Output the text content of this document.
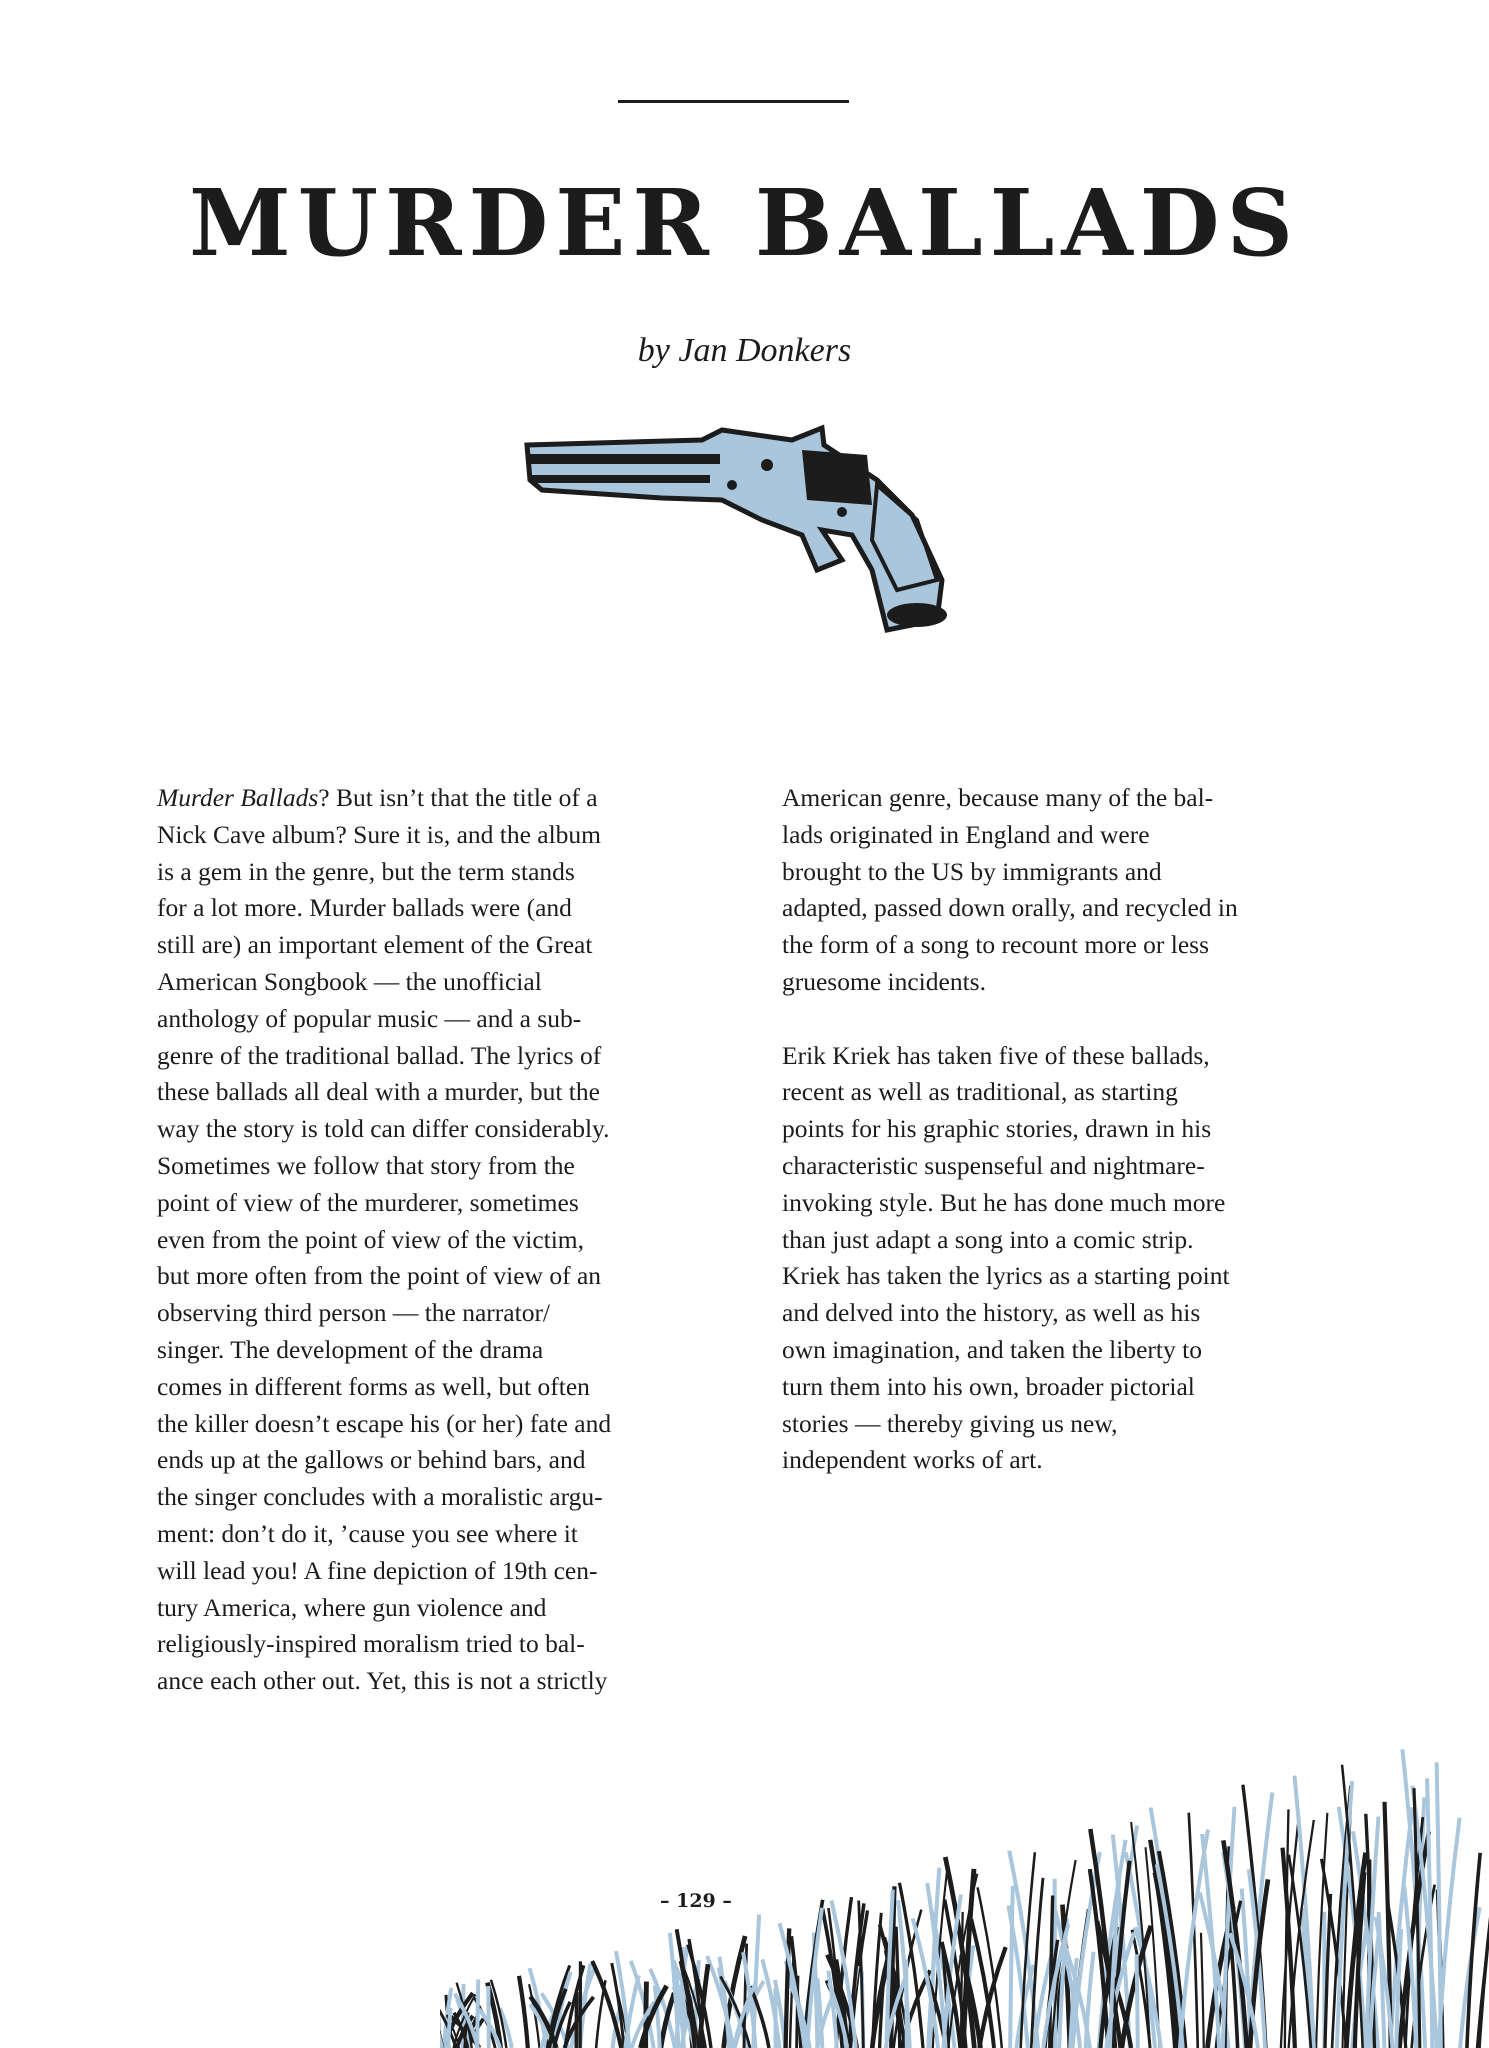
MURDER BALLADS
by Jan Donkers
Murder Ballads? But isn’t that the title of a
Nick Cave album? Sure it is, and the album
is a gem in the genre, but the term stands
for a lot more. Murder ballads were (and
still are) an important element of the Great
American Songbook — the unofficial
anthology of popular music — and a sub-
genre of the traditional ballad. The lyrics of
these ballads all deal with a murder, but the
way the story is told can differ considerably.
Sometimes we follow that story from the
point of view of the murderer, sometimes
even from the point of view of the victim,
but more often from the point of view of an
observing third person — the narrator/
singer. The development of the drama
comes in different forms as well, but often
the killer doesn’t escape his (or her) fate and
ends up at the gallows or behind bars, and
the singer concludes with a moralistic argu-
ment: don’t do it, ’cause you see where it
will lead you! A fine depiction of 19th cen-
tury America, where gun violence and
religiously-inspired moralism tried to bal-
ance each other out. Yet, this is not a strictly
American genre, because many of the bal-
lads originated in England and were
brought to the US by immigrants and
adapted, passed down orally, and recycled in
the form of a song to recount more or less
gruesome incidents.
Erik Kriek has taken five of these ballads,
recent as well as traditional, as starting
points for his graphic stories, drawn in his
characteristic suspenseful and nightmare-
invoking style. But he has done much more
than just adapt a song into a comic strip.
Kriek has taken the lyrics as a starting point
and delved into the history, as well as his
own imagination, and taken the liberty to
turn them into his own, broader pictorial
stories — thereby giving us new,
independent works of art.
– 129 –
